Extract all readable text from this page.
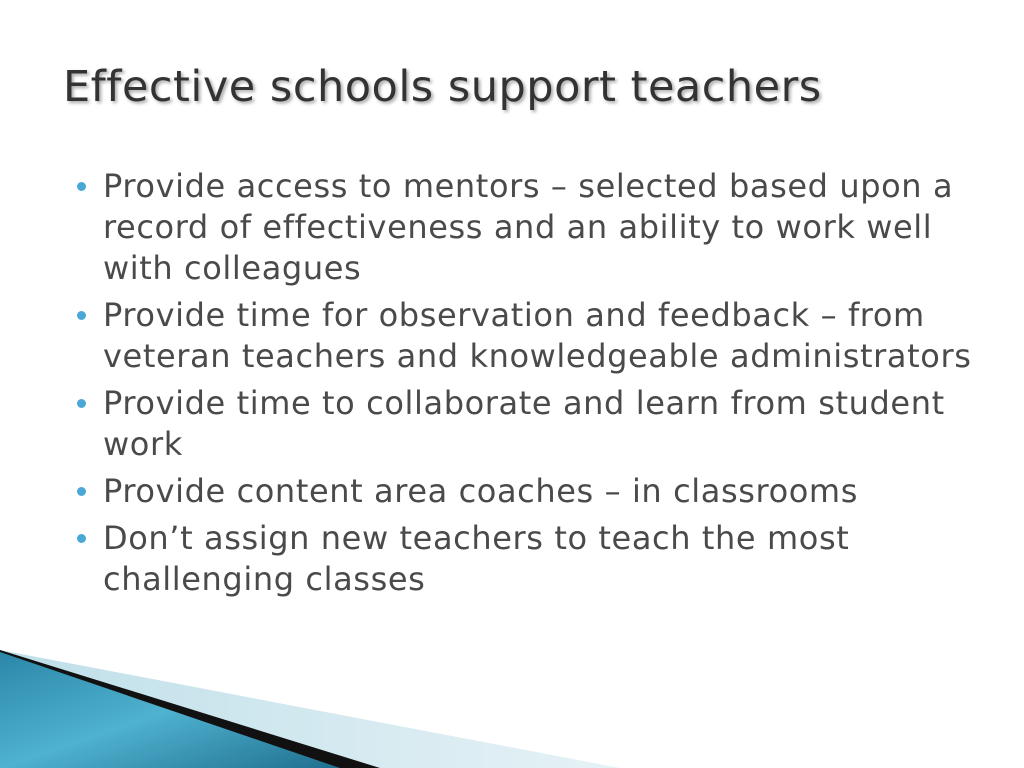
Effective schools support teachers
Provide access to mentors – selected based upon a record of effectiveness and an ability to work well with colleagues
Provide time for observation and feedback – from veteran teachers and knowledgeable administrators
Provide time to collaborate and learn from student work
Provide content area coaches – in classrooms
Don’t assign new teachers to teach the most challenging classes
